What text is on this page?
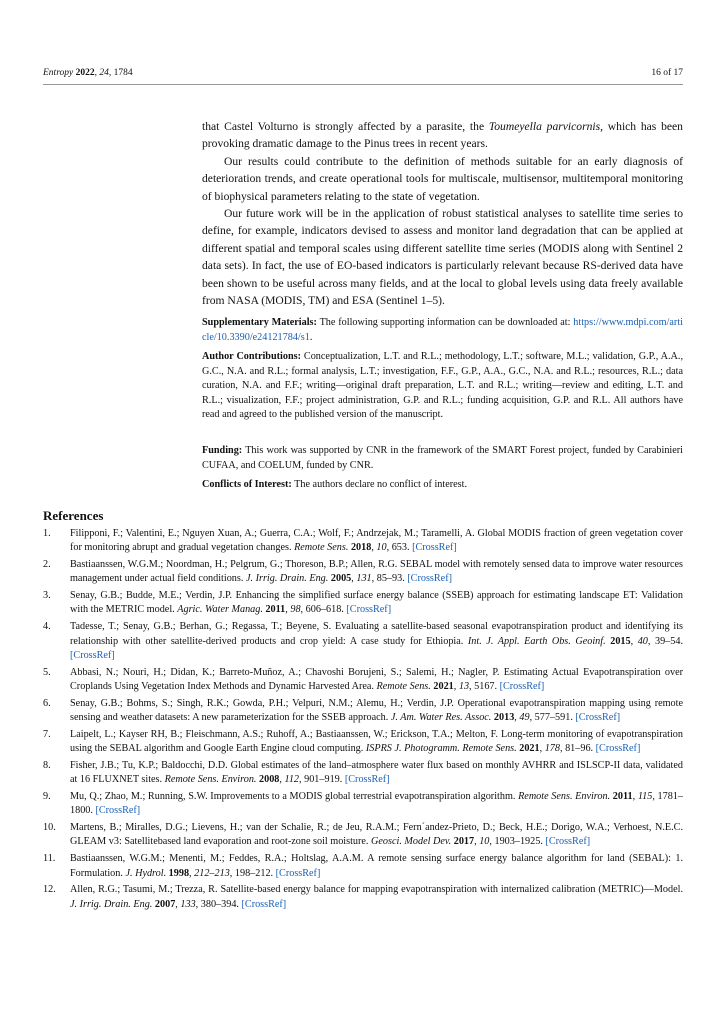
Entropy 2022, 24, 1784	16 of 17

that Castel Volturno is strongly affected by a parasite, the Toumeyella parvicornis, which has been provoking dramatic damage to the Pinus trees in recent years.

Our results could contribute to the definition of methods suitable for an early diagnosis of deterioration trends, and create operational tools for multiscale, multisensor, multitemporal monitoring of biophysical parameters relating to the state of vegetation.

Our future work will be in the application of robust statistical analyses to satellite time series to define, for example, indicators devised to assess and monitor land degradation that can be applied at different spatial and temporal scales using different satellite time series (MODIS along with Sentinel 2 data sets). In fact, the use of EO-based indicators is particularly relevant because RS-derived data have been shown to be useful across many fields, and at the local to global levels using data freely available from NASA (MODIS, TM) and ESA (Sentinel 1–5).

Supplementary Materials: The following supporting information can be downloaded at: https://www.mdpi.com/article/10.3390/e24121784/s1.

Author Contributions: Conceptualization, L.T. and R.L.; methodology, L.T.; software, M.L.; validation, G.P., A.A., G.C., N.A. and R.L.; formal analysis, L.T.; investigation, F.F., G.P., A.A., G.C., N.A. and R.L.; resources, R.L.; data curation, N.A. and F.F.; writing—original draft preparation, L.T. and R.L.; writing—review and editing, L.T. and R.L.; visualization, F.F.; project administration, G.P. and R.L.; funding acquisition, G.P. and R.L. All authors have read and agreed to the published version of the manuscript.

Funding: This work was supported by CNR in the framework of the SMART Forest project, funded by Carabinieri CUFAA, and COELUM, funded by CNR.

Conflicts of Interest: The authors declare no conflict of interest.

References
1.	Filipponi, F.; Valentini, E.; Nguyen Xuan, A.; Guerra, C.A.; Wolf, F.; Andrzejak, M.; Taramelli, A. Global MODIS fraction of green vegetation cover for monitoring abrupt and gradual vegetation changes. Remote Sens. 2018, 10, 653. [CrossRef]
2.	Bastiaanssen, W.G.M.; Noordman, H.; Pelgrum, G.; Thoreson, B.P.; Allen, R.G. SEBAL model with remotely sensed data to improve water resources management under actual field conditions. J. Irrig. Drain. Eng. 2005, 131, 85–93. [CrossRef]
3.	Senay, G.B.; Budde, M.E.; Verdin, J.P. Enhancing the simplified surface energy balance (SSEB) approach for estimating landscape ET: Validation with the METRIC model. Agric. Water Manag. 2011, 98, 606–618. [CrossRef]
4.	Tadesse, T.; Senay, G.B.; Berhan, G.; Regassa, T.; Beyene, S. Evaluating a satellite-based seasonal evapotranspiration product and identifying its relationship with other satellite-derived products and crop yield: A case study for Ethiopia. Int. J. Appl. Earth Obs. Geoinf. 2015, 40, 39–54. [CrossRef]
5.	Abbasi, N.; Nouri, H.; Didan, K.; Barreto-Muñoz, A.; Chavoshi Borujeni, S.; Salemi, H.; Nagler, P. Estimating Actual Evapotranspiration over Croplands Using Vegetation Index Methods and Dynamic Harvested Area. Remote Sens. 2021, 13, 5167. [CrossRef]
6.	Senay, G.B.; Bohms, S.; Singh, R.K.; Gowda, P.H.; Velpuri, N.M.; Alemu, H.; Verdin, J.P. Operational evapotranspiration mapping using remote sensing and weather datasets: A new parameterization for the SSEB approach. J. Am. Water Res. Assoc. 2013, 49, 577–591. [CrossRef]
7.	Laipelt, L.; Kayser RH, B.; Fleischmann, A.S.; Ruhoff, A.; Bastiaanssen, W.; Erickson, T.A.; Melton, F. Long-term monitoring of evapotranspiration using the SEBAL algorithm and Google Earth Engine cloud computing. ISPRS J. Photogramm. Remote Sens. 2021, 178, 81–96. [CrossRef]
8.	Fisher, J.B.; Tu, K.P.; Baldocchi, D.D. Global estimates of the land–atmosphere water flux based on monthly AVHRR and ISLSCP-II data, validated at 16 FLUXNET sites. Remote Sens. Environ. 2008, 112, 901–919. [CrossRef]
9.	Mu, Q.; Zhao, M.; Running, S.W. Improvements to a MODIS global terrestrial evapotranspiration algorithm. Remote Sens. Environ. 2011, 115, 1781–1800. [CrossRef]
10.	Martens, B.; Miralles, D.G.; Lievens, H.; van der Schalie, R.; de Jeu, R.A.M.; Fern´andez-Prieto, D.; Beck, H.E.; Dorigo, W.A.; Verhoest, N.E.C. GLEAM v3: Satellitebased land evaporation and root-zone soil moisture. Geosci. Model Dev. 2017, 10, 1903–1925. [CrossRef]
11.	Bastiaanssen, W.G.M.; Menenti, M.; Feddes, R.A.; Holtslag, A.A.M. A remote sensing surface energy balance algorithm for land (SEBAL): 1. Formulation. J. Hydrol. 1998, 212–213, 198–212. [CrossRef]
12.	Allen, R.G.; Tasumi, M.; Trezza, R. Satellite-based energy balance for mapping evapotranspiration with internalized calibration (METRIC)—Model. J. Irrig. Drain. Eng. 2007, 133, 380–394. [CrossRef]
